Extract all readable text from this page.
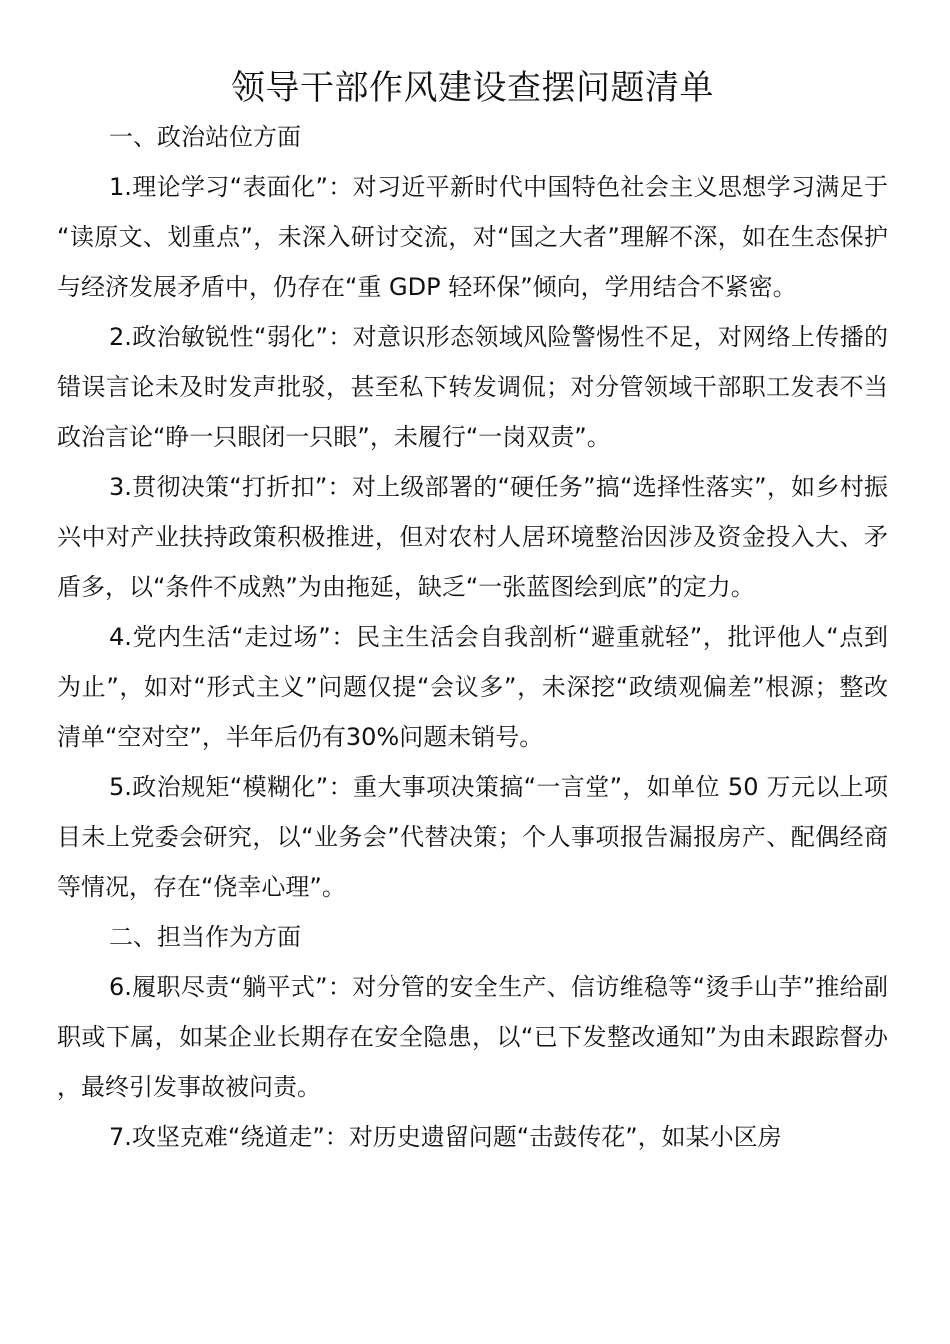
领导干部作风建设查摆问题清单

一、政治站位方面

1.理论学习“表面化”：对习近平新时代中国特色社会主义思想学习满足于“读原文、划重点”，未深入研讨交流，对“国之大者”理解不深，如在生态保护与经济发展矛盾中，仍存在“重 GDP 轻环保”倾向，学用结合不紧密。

2.政治敏锐性“弱化”：对意识形态领域风险警惕性不足，对网络上传播的错误言论未及时发声批驳，甚至私下转发调侃；对分管领域干部职工发表不当政治言论“睁一只眼闭一只眼”，未履行“一岗双责”。

3.贯彻决策“打折扣”：对上级部署的“硬任务”搞“选择性落实”，如乡村振兴中对产业扶持政策积极推进，但对农村人居环境整治因涉及资金投入大、矛盾多，以“条件不成熟”为由拖延，缺乏“一张蓝图绘到底”的定力。

4.党内生活“走过场”：民主生活会自我剖析“避重就轻”，批评他人“点到为止”，如对“形式主义”问题仅提“会议多”，未深挖“政绩观偏差”根源；整改清单“空对空”，半年后仍有30%问题未销号。

5.政治规矩“模糊化”：重大事项决策搞“一言堂”，如单位 50 万元以上项目未上党委会研究，以“业务会”代替决策；个人事项报告漏报房产、配偶经商等情况，存在“侥幸心理”。

二、担当作为方面

6.履职尽责“躺平式”：对分管的安全生产、信访维稳等“烫手山芋”推给副职或下属，如某企业长期存在安全隐患，以“已下发整改通知”为由未跟踪督办，最终引发事故被问责。

7.攻坚克难“绕道走”：对历史遗留问题“击鼓传花”，如某小区房
